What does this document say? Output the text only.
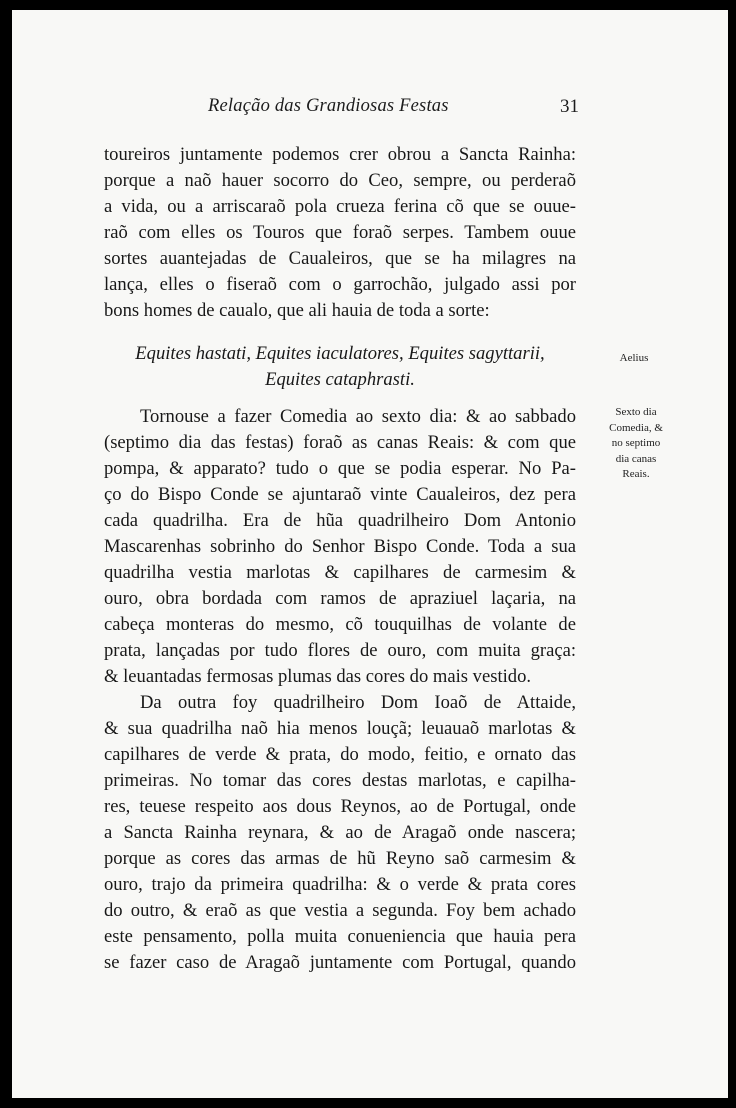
Relação das Grandiosas Festas	31
toureiros juntamente podemos crer obrou a Sancta Rainha:
porque a naõ hauer socorro do Ceo, sempre, ou perderaõ
a vida, ou a arriscaraõ pola crueza ferina cõ que se ouue-
raõ com elles os Touros que foraõ serpes. Tambem ouue
sortes auantejadas de Caualeiros, que se ha milagres na
lança, elles o fiseraõ com o garrochão, julgado assi por
bons homes de caualo, que ali hauia de toda a sorte:
Equites hastati, Equites iaculatores, Equites sagyttarii,
Equites cataphrasti.
Aelius
Tornouse a fazer Comedia ao sexto dia: & ao sabbado
(septimo dia das festas) foraõ as canas Reais: & com que
pompa, & apparato? tudo o que se podia esperar. No Pa-
ço do Bispo Conde se ajuntaraõ vinte Caualeiros, dez pera
cada quadrilha. Era de hũa quadrilheiro Dom Antonio
Mascarenhas sobrinho do Senhor Bispo Conde. Toda a sua
quadrilha vestia marlotas & capilhares de carmesim &
ouro, obra bordada com ramos de apraziuel laçaria, na
cabeça monteras do mesmo, cõ touquilhas de volante de
prata, lançadas por tudo flores de ouro, com muita graça:
& leuantadas fermosas plumas das cores do mais vestido.
Da outra foy quadrilheiro Dom Ioaõ de Attaide,
& sua quadrilha naõ hia menos louçã; leuauaõ marlotas &
capilhares de verde & prata, do modo, feitio, e ornato das
primeiras. No tomar das cores destas marlotas, e capilha-
res, teuese respeito aos dous Reynos, ao de Portugal, onde
a Sancta Rainha reynara, & ao de Aragaõ onde nascera;
porque as cores das armas de hũ Reyno saõ carmesim &
ouro, trajo da primeira quadrilha: & o verde & prata cores
do outro, & eraõ as que vestia a segunda. Foy bem achado
este pensamento, polla muita conueniencia que hauia pera
se fazer caso de Aragaõ juntamente com Portugal, quando
Sexto dia
Comedia, &
no septimo
dia canas
Reais.
